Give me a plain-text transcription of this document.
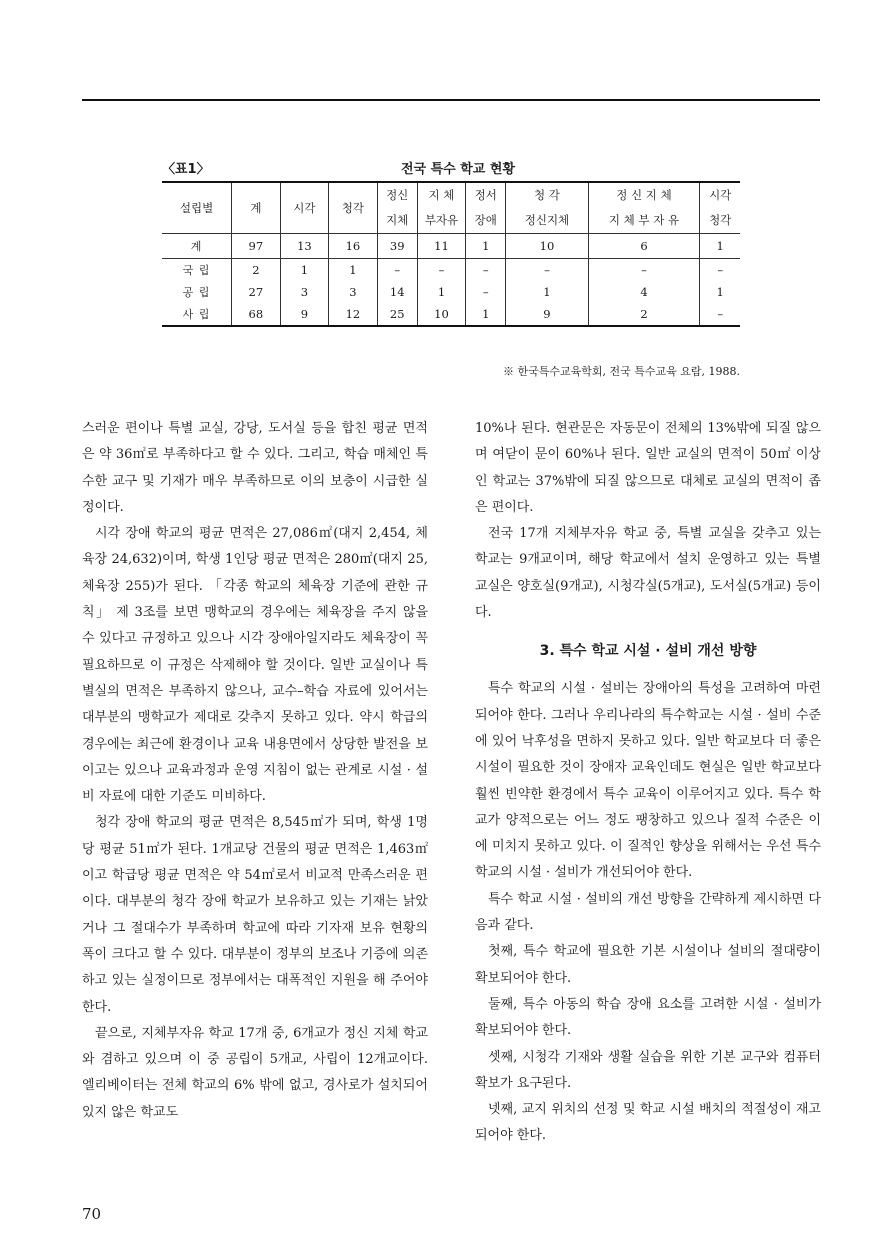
〈표1〉	전국 특수 학교 현황
설립별	계	시각	청각	정신	지 체	정서	청 각	정 신 지 체	시각
				지체	부자유	장애	정신지체	지 체 부 자 유	청각
계	97	13	16	39	11	1	10	6	1
국 립	2	1	1	–	–	–	–	–	–
공 립	27	3	3	14	1	–	1	4	1
사 립	68	9	12	25	10	1	9	2	–
※ 한국특수교육학회, 전국 특수교육 요람, 1988.

스러운 편이나 특별 교실, 강당, 도서실 등을 합친 평균 면적은 약 36㎡로 부족하다고 할 수 있다. 그리고, 학습 매체인 특수한 교구 및 기재가 매우 부족하므로 이의 보충이 시급한 실정이다.

시각 장애 학교의 평균 면적은 27,086㎡(대지 2,454, 체육장 24,632)이며, 학생 1인당 평균 면적은 280㎡(대지 25, 체육장 255)가 된다. 「각종 학교의 체육장 기준에 관한 규칙」 제 3조를 보면 맹학교의 경우에는 체육장을 주지 않을 수 있다고 규정하고 있으나 시각 장애아일지라도 체육장이 꼭 필요하므로 이 규정은 삭제해야 할 것이다. 일반 교실이나 특별실의 면적은 부족하지 않으나, 교수–학습 자료에 있어서는 대부분의 맹학교가 제대로 갖추지 못하고 있다. 약시 학급의 경우에는 최근에 환경이나 교육 내용면에서 상당한 발전을 보이고는 있으나 교육과정과 운영 지침이 없는 관계로 시설 · 설비 자료에 대한 기준도 미비하다.

청각 장애 학교의 평균 면적은 8,545㎡가 되며, 학생 1명당 평균 51㎡가 된다. 1개교당 건물의 평균 면적은 1,463㎡이고 학급당 평균 면적은 약 54㎡로서 비교적 만족스러운 편이다. 대부분의 청각 장애 학교가 보유하고 있는 기재는 낡았거나 그 절대수가 부족하며 학교에 따라 기자재 보유 현황의 폭이 크다고 할 수 있다. 대부분이 정부의 보조나 기증에 의존하고 있는 실정이므로 정부에서는 대폭적인 지원을 해 주어야 한다.

끝으로, 지체부자유 학교 17개 중, 6개교가 정신 지체 학교와 겸하고 있으며 이 중 공립이 5개교, 사립이 12개교이다. 엘리베이터는 전체 학교의 6% 밖에 없고, 경사로가 설치되어 있지 않은 학교도

10%나 된다. 현관문은 자동문이 전체의 13%밖에 되질 않으며 여닫이 문이 60%나 된다. 일반 교실의 면적이 50㎡ 이상인 학교는 37%밖에 되질 않으므로 대체로 교실의 면적이 좁은 편이다.

전국 17개 지체부자유 학교 중, 특별 교실을 갖추고 있는 학교는 9개교이며, 해당 학교에서 설치 운영하고 있는 특별 교실은 양호실(9개교), 시청각실(5개교), 도서실(5개교) 등이다.

3. 특수 학교 시설 · 설비 개선 방향

특수 학교의 시설 · 설비는 장애아의 특성을 고려하여 마련되어야 한다. 그러나 우리나라의 특수학교는 시설 · 설비 수준에 있어 낙후성을 면하지 못하고 있다. 일반 학교보다 더 좋은 시설이 필요한 것이 장애자 교육인데도 현실은 일반 학교보다 훨씬 빈약한 환경에서 특수 교육이 이루어지고 있다. 특수 학교가 양적으로는 어느 정도 팽창하고 있으나 질적 수준은 이에 미치지 못하고 있다. 이 질적인 향상을 위해서는 우선 특수 학교의 시설 · 설비가 개선되어야 한다.

특수 학교 시설 · 설비의 개선 방향을 간략하게 제시하면 다음과 같다.

첫째, 특수 학교에 필요한 기본 시설이나 설비의 절대량이 확보되어야 한다.

둘째, 특수 아동의 학습 장애 요소를 고려한 시설 · 설비가 확보되어야 한다.

셋째, 시청각 기재와 생활 실습을 위한 기본 교구와 컴퓨터 확보가 요구된다.

넷째, 교지 위치의 선정 및 학교 시설 배치의 적절성이 재고되어야 한다.

70
